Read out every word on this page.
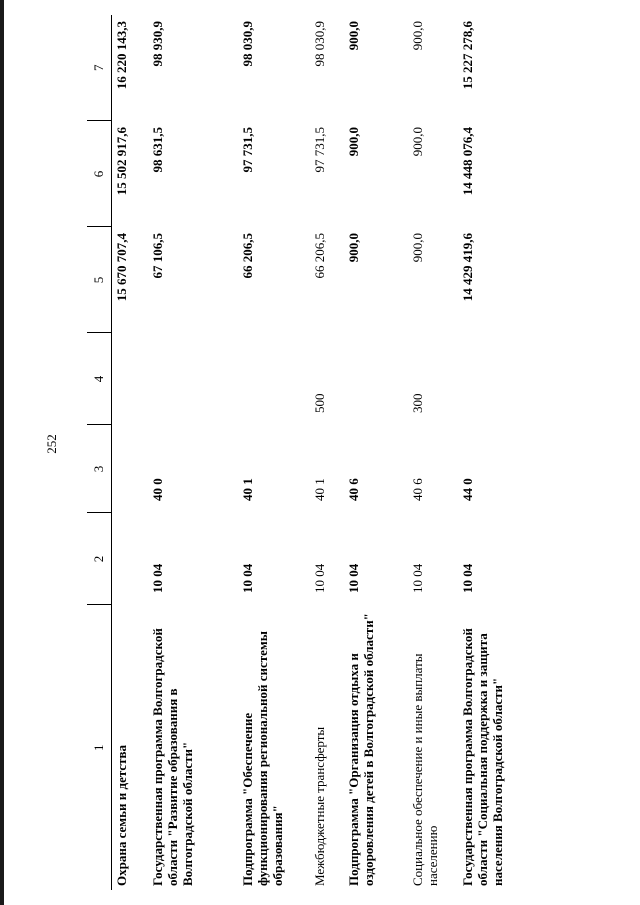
252
1	2	3	4	5	6	7
Охрана семьи и детства				15 670 707,4	15 502 917,6	16 220 143,3
Государственная программа Волгоградской области "Развитие образования в Волгоградской области"	10 04	40 0		67 106,5	98 631,5	98 930,9
Подпрограмма "Обеспечение функционирования региональной системы образования"	10 04	40 1		66 206,5	97 731,5	98 030,9
Межбюджетные трансферты	10 04	40 1	500	66 206,5	97 731,5	98 030,9
Подпрограмма "Организация отдыха и оздоровления детей в Волгоградской области"	10 04	40 6		900,0	900,0	900,0
Социальное обеспечение и иные выплаты населению	10 04	40 6	300	900,0	900,0	900,0
Государственная программа Волгоградской области "Социальная поддержка и защита населения Волгоградской области"	10 04	44 0		14 429 419,6	14 448 076,4	15 227 278,6
